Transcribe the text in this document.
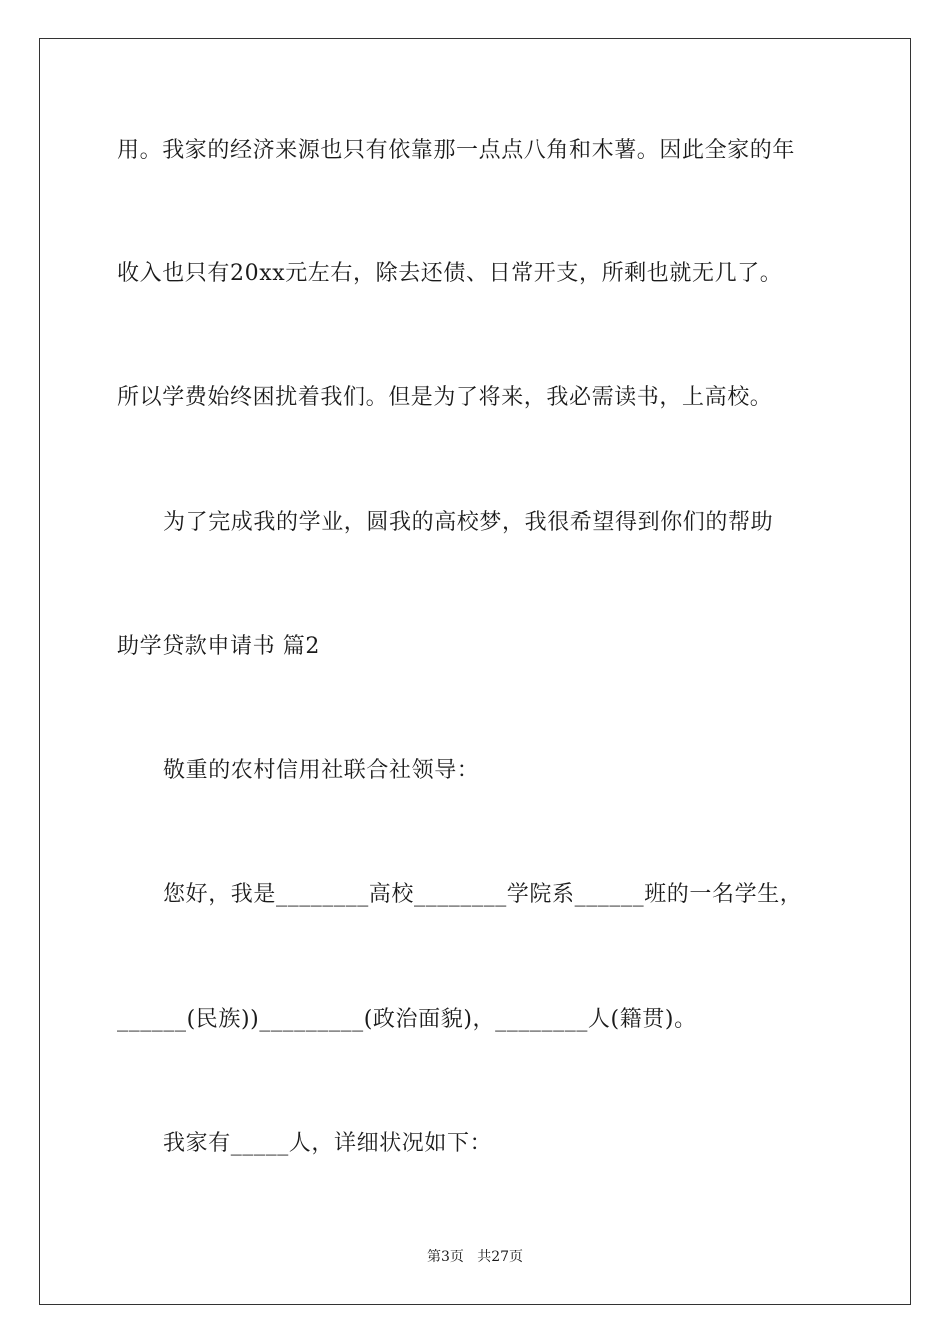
用。我家的经济来源也只有依靠那一点点八角和木薯。因此全家的年
收入也只有20xx元左右，除去还债、日常开支，所剩也就无几了。
所以学费始终困扰着我们。但是为了将来，我必需读书，上高校。
为了完成我的学业，圆我的高校梦，我很希望得到你们的帮助
助学贷款申请书 篇2
敬重的农村信用社联合社领导：
您好，我是________高校________学院系______班的一名学生，
______(民族))_________(政治面貌)，________人(籍贯)。
我家有_____人，详细状况如下：
第3页   共27页
